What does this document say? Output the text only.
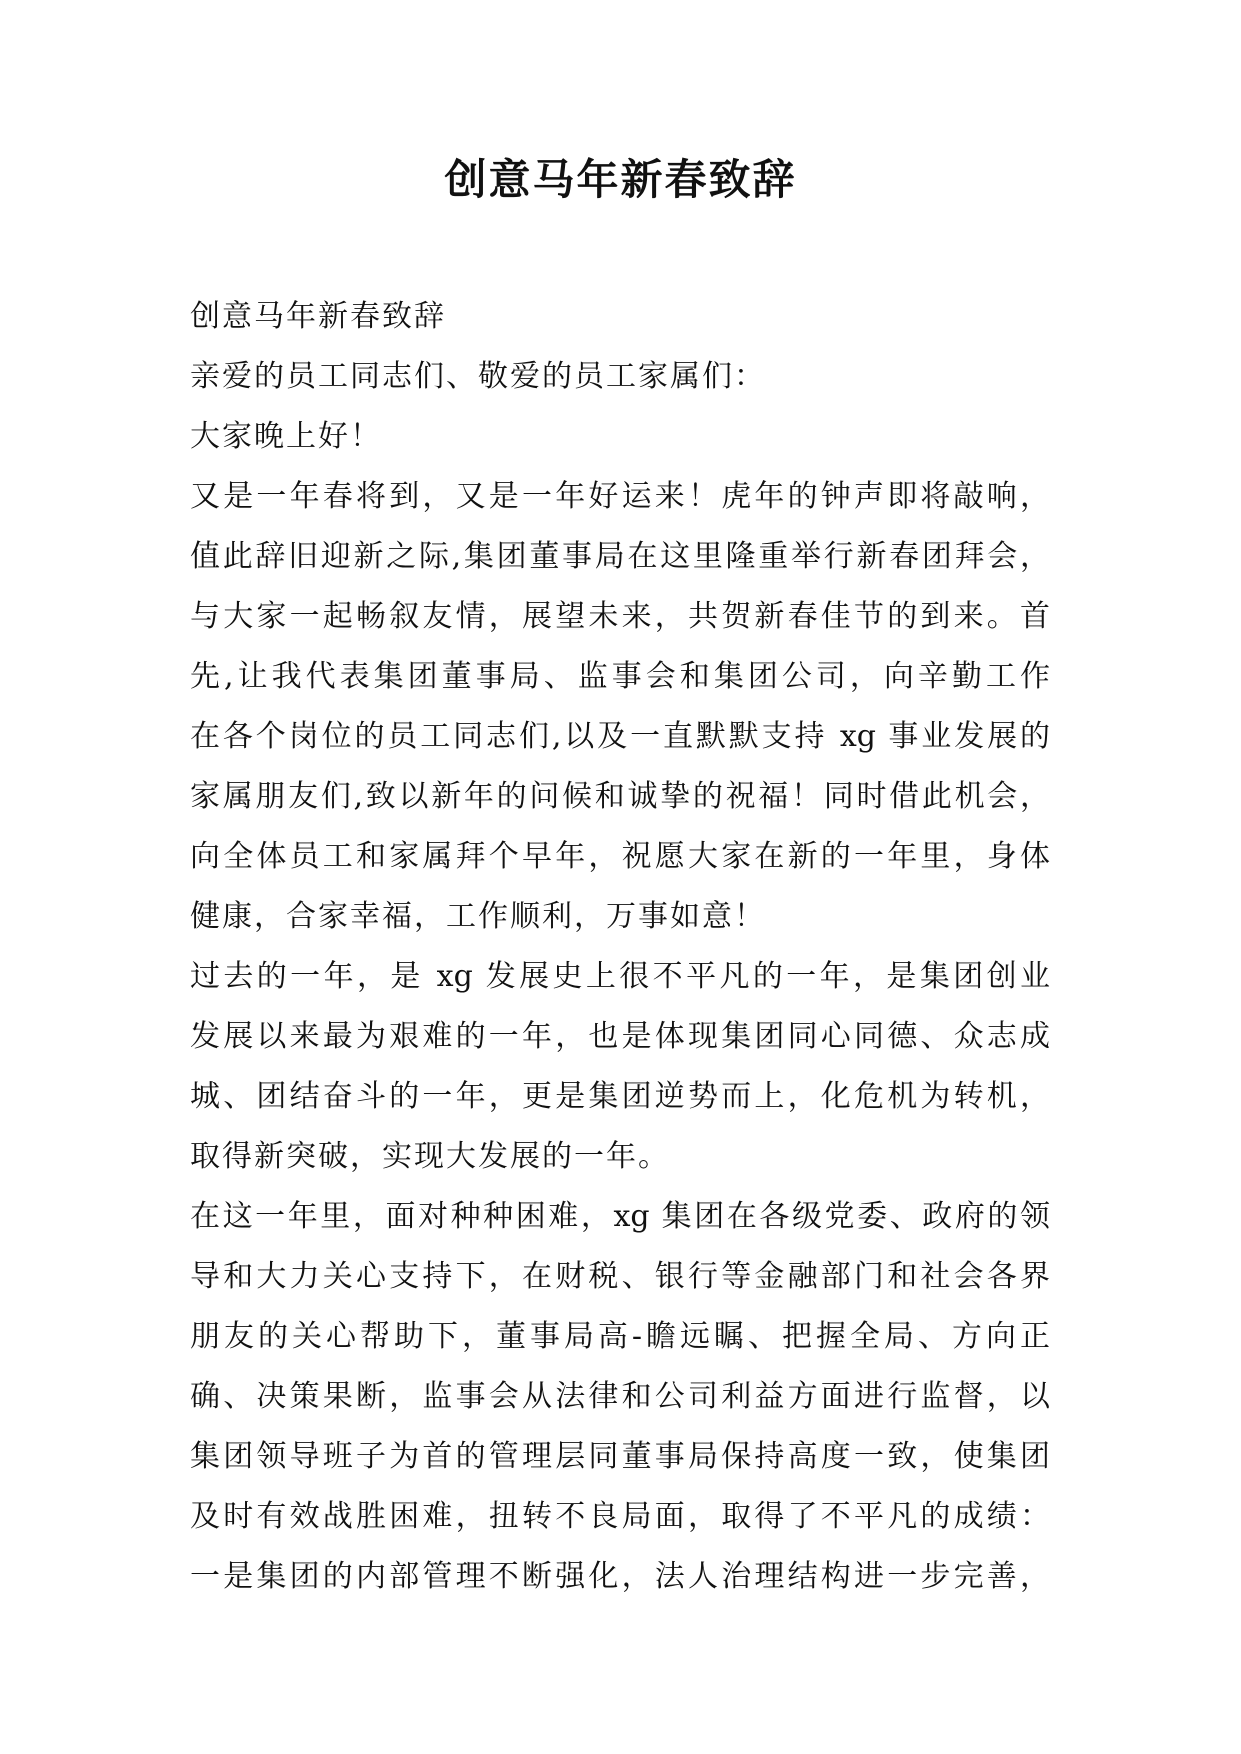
创意马年新春致辞
创意马年新春致辞
亲爱的员工同志们、敬爱的员工家属们：
大家晚上好！
又是一年春将到，又是一年好运来！虎年的钟声即将敲响，
值此辞旧迎新之际,集团董事局在这里隆重举行新春团拜会，
与大家一起畅叙友情，展望未来，共贺新春佳节的到来。首
先,让我代表集团董事局、监事会和集团公司，向辛勤工作
在各个岗位的员工同志们,以及一直默默支持 xg 事业发展的
家属朋友们,致以新年的问候和诚挚的祝福！同时借此机会，
向全体员工和家属拜个早年，祝愿大家在新的一年里，身体
健康，合家幸福，工作顺利，万事如意！
过去的一年，是 xg 发展史上很不平凡的一年，是集团创业
发展以来最为艰难的一年，也是体现集团同心同德、众志成
城、团结奋斗的一年，更是集团逆势而上，化危机为转机，
取得新突破，实现大发展的一年。
在这一年里，面对种种困难，xg 集团在各级党委、政府的领
导和大力关心支持下，在财税、银行等金融部门和社会各界
朋友的关心帮助下，董事局高-瞻远瞩、把握全局、方向正
确、决策果断，监事会从法律和公司利益方面进行监督，以
集团领导班子为首的管理层同董事局保持高度一致，使集团
及时有效战胜困难，扭转不良局面，取得了不平凡的成绩：
一是集团的内部管理不断强化，法人治理结构进一步完善，
